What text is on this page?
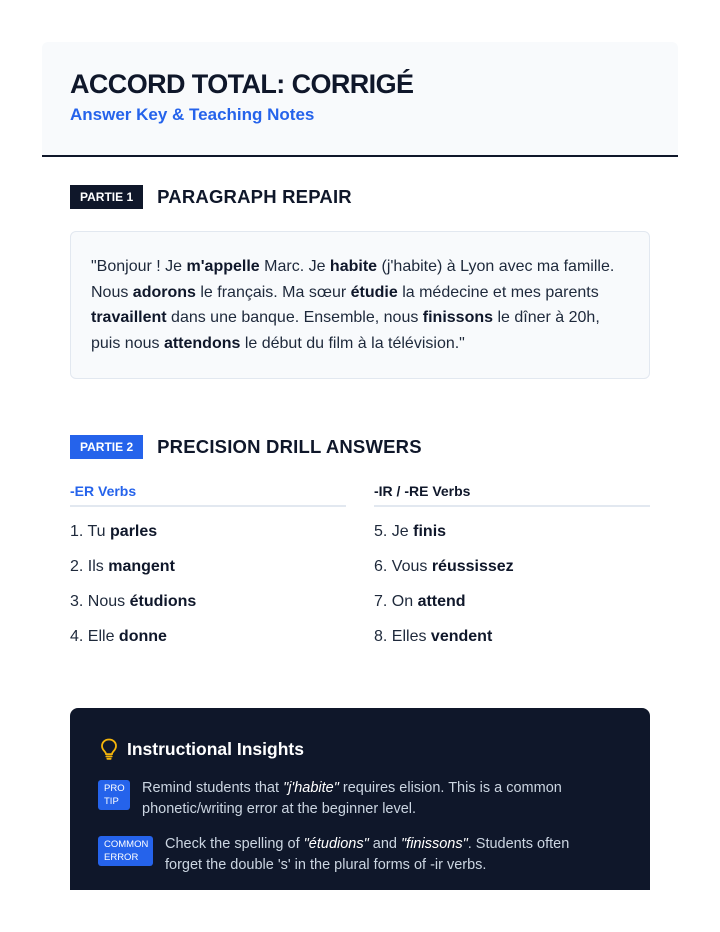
ACCORD TOTAL: CORRIGÉ
Answer Key & Teaching Notes
PARTIE 1	PARAGRAPH REPAIR

"Bonjour ! Je m'appelle Marc. Je habite (j'habite) à Lyon avec ma famille. Nous adorons le français. Ma sœur étudie la médecine et mes parents travaillent dans une banque. Ensemble, nous finissons le dîner à 20h, puis nous attendons le début du film à la télévision."

PARTIE 2	PRECISION DRILL ANSWERS
-ER Verbs
1. Tu parles
2. Ils mangent
3. Nous étudions
4. Elle donne
-IR / -RE Verbs
5. Je finis
6. Vous réussissez
7. On attend
8. Elles vendent
Instructional Insights
PRO
TIP
Remind students that "j'habite" requires elision. This is a common phonetic/writing error at the beginner level.
COMMON
ERROR
Check the spelling of "étudions" and "finissons". Students often forget the double 's' in the plural forms of -ir verbs.
